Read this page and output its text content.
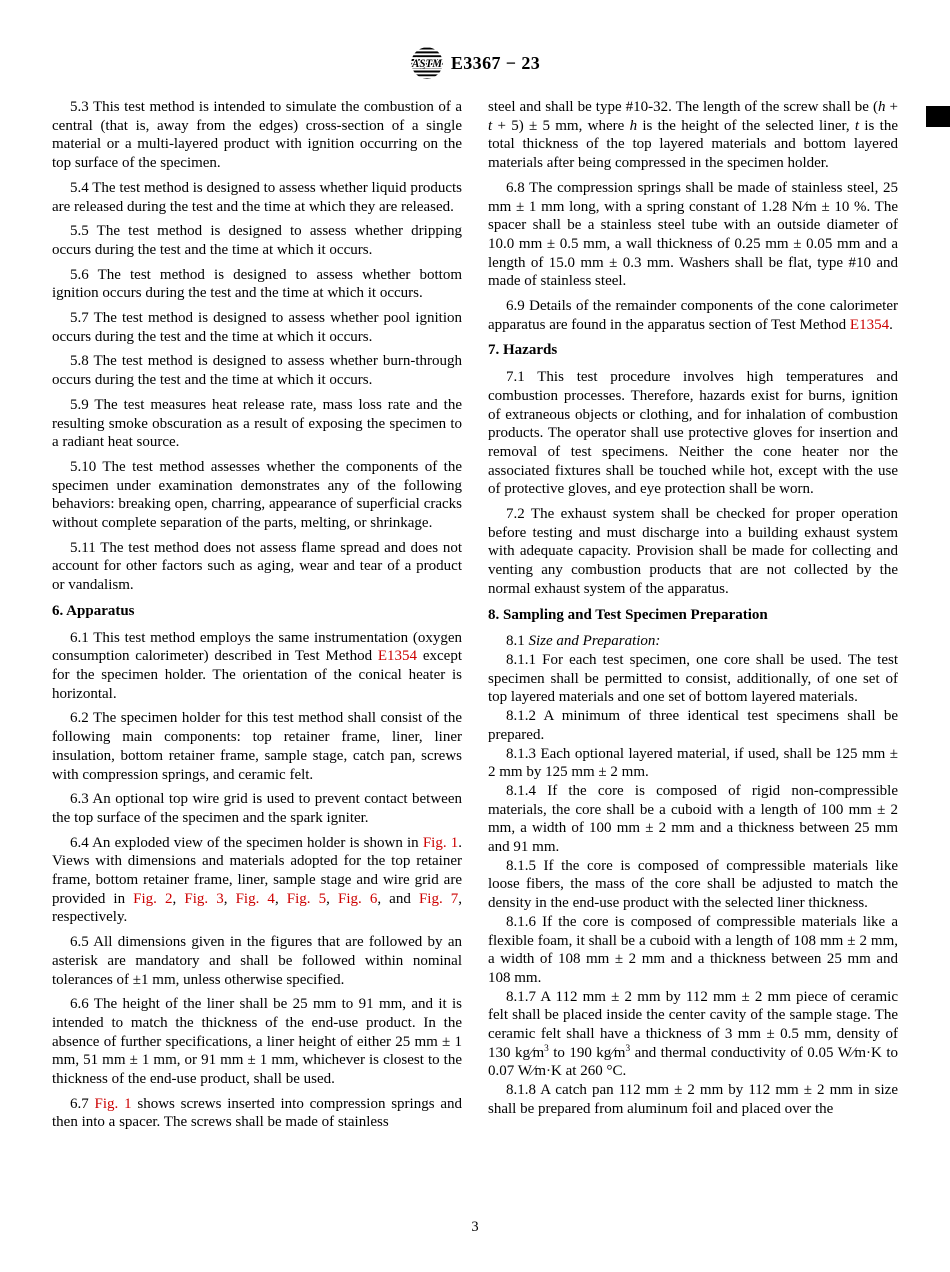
ASTM E3367 − 23

5.3 This test method is intended to simulate the combustion of a central (that is, away from the edges) cross-section of a single material or a multi-layered product with ignition occurring on the top surface of the specimen.

5.4 The test method is designed to assess whether liquid products are released during the test and the time at which they are released.

5.5 The test method is designed to assess whether dripping occurs during the test and the time at which it occurs.

5.6 The test method is designed to assess whether bottom ignition occurs during the test and the time at which it occurs.

5.7 The test method is designed to assess whether pool ignition occurs during the test and the time at which it occurs.

5.8 The test method is designed to assess whether burn-through occurs during the test and the time at which it occurs.

5.9 The test measures heat release rate, mass loss rate and the resulting smoke obscuration as a result of exposing the specimen to a radiant heat source.

5.10 The test method assesses whether the components of the specimen under examination demonstrates any of the following behaviors: breaking open, charring, appearance of superficial cracks without complete separation of the parts, melting, or shrinkage.

5.11 The test method does not assess flame spread and does not account for other factors such as aging, wear and tear of a product or vandalism.

6. Apparatus

6.1 This test method employs the same instrumentation (oxygen consumption calorimeter) described in Test Method E1354 except for the specimen holder. The orientation of the conical heater is horizontal.

6.2 The specimen holder for this test method shall consist of the following main components: top retainer frame, liner, liner insulation, bottom retainer frame, sample stage, catch pan, screws with compression springs, and ceramic felt.

6.3 An optional top wire grid is used to prevent contact between the top surface of the specimen and the spark igniter.

6.4 An exploded view of the specimen holder is shown in Fig. 1. Views with dimensions and materials adopted for the top retainer frame, bottom retainer frame, liner, sample stage and wire grid are provided in Fig. 2, Fig. 3, Fig. 4, Fig. 5, Fig. 6, and Fig. 7, respectively.

6.5 All dimensions given in the figures that are followed by an asterisk are mandatory and shall be followed within nominal tolerances of ±1 mm, unless otherwise specified.

6.6 The height of the liner shall be 25 mm to 91 mm, and it is intended to match the thickness of the end-use product. In the absence of further specifications, a liner height of either 25 mm ± 1 mm, 51 mm ± 1 mm, or 91 mm ± 1 mm, whichever is closest to the thickness of the end-use product, shall be used.

6.7 Fig. 1 shows screws inserted into compression springs and then into a spacer. The screws shall be made of stainless

steel and shall be type #10-32. The length of the screw shall be (h + t + 5) ± 5 mm, where h is the height of the selected liner, t is the total thickness of the top layered materials and bottom layered materials after being compressed in the specimen holder.

6.8 The compression springs shall be made of stainless steel, 25 mm ± 1 mm long, with a spring constant of 1.28 N⁄m ± 10 %. The spacer shall be a stainless steel tube with an outside diameter of 10.0 mm ± 0.5 mm, a wall thickness of 0.25 mm ± 0.05 mm and a length of 15.0 mm ± 0.3 mm. Washers shall be flat, type #10 and made of stainless steel.

6.9 Details of the remainder components of the cone calorimeter apparatus are found in the apparatus section of Test Method E1354.

7. Hazards

7.1 This test procedure involves high temperatures and combustion processes. Therefore, hazards exist for burns, ignition of extraneous objects or clothing, and for inhalation of combustion products. The operator shall use protective gloves for insertion and removal of test specimens. Neither the cone heater nor the associated fixtures shall be touched while hot, except with the use of protective gloves, and eye protection shall be worn.

7.2 The exhaust system shall be checked for proper operation before testing and must discharge into a building exhaust system with adequate capacity. Provision shall be made for collecting and venting any combustion products that are not collected by the normal exhaust system of the apparatus.

8. Sampling and Test Specimen Preparation

8.1 Size and Preparation:

8.1.1 For each test specimen, one core shall be used. The test specimen shall be permitted to consist, additionally, of one set of top layered materials and one set of bottom layered materials.

8.1.2 A minimum of three identical test specimens shall be prepared.

8.1.3 Each optional layered material, if used, shall be 125 mm ± 2 mm by 125 mm ± 2 mm.

8.1.4 If the core is composed of rigid non-compressible materials, the core shall be a cuboid with a length of 100 mm ± 2 mm, a width of 100 mm ± 2 mm and a thickness between 25 mm and 91 mm.

8.1.5 If the core is composed of compressible materials like loose fibers, the mass of the core shall be adjusted to match the density in the end-use product with the selected liner thickness.

8.1.6 If the core is composed of compressible materials like a flexible foam, it shall be a cuboid with a length of 108 mm ± 2 mm, a width of 108 mm ± 2 mm and a thickness between 25 mm and 108 mm.

8.1.7 A 112 mm ± 2 mm by 112 mm ± 2 mm piece of ceramic felt shall be placed inside the center cavity of the sample stage. The ceramic felt shall have a thickness of 3 mm ± 0.5 mm, density of 130 $kg⁄m^3$ to 190 $kg⁄m^3$ and thermal conductivity of 0.05 W⁄m·K to 0.07 W⁄m·K at 260 °C.

8.1.8 A catch pan 112 mm ± 2 mm by 112 mm ± 2 mm in size shall be prepared from aluminum foil and placed over the

3
